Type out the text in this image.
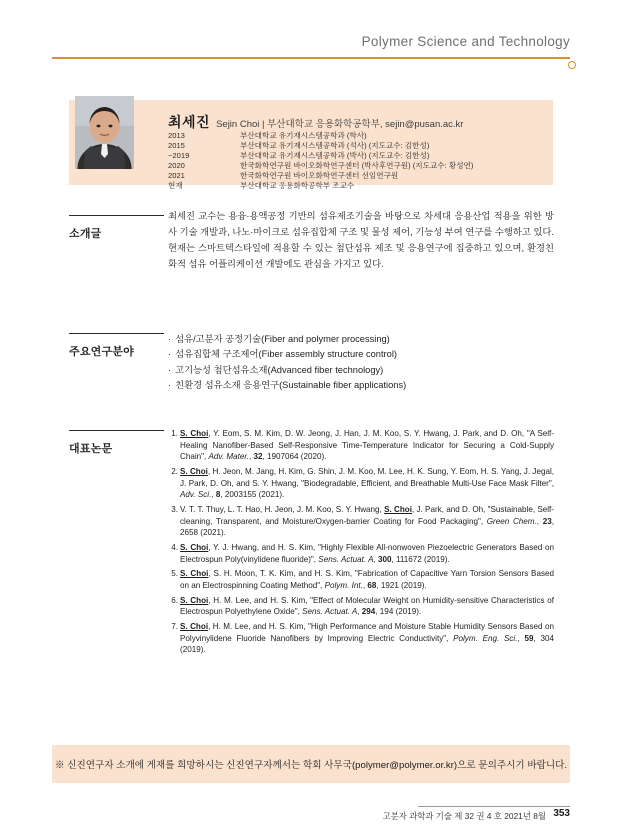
Polymer Science and Technology
최세진 Sejin Choi | 부산대학교 응용화학공학부, sejin@pusan.ac.kr
2013	부산대학교 유기재시스템공학과 (학사)
2015	부산대학교 유기재시스템공학과 (석사) (지도교수: 김한성)
~2019	부산대학교 유기재시스템공학과 (박사) (지도교수: 김한성)
2020	한국화학연구원 바이오화학연구센터 (박사후연구원) (지도교수: 황성연)
2021	한국화학연구원 바이오화학연구센터 선임연구원
현재	부산대학교 응용화학공학부 조교수
소개글
최세진 교수는 용융·용액공정 기반의 섬유제조기술을 바탕으로 차세대 응용산업 적용을 위한 방사 기술 개발과, 나노·마이크로 섬유집합체 구조 및 물성 제어, 기능성 부여 연구를 수행하고 있다. 현재는 스마트텍스타일에 적용할 수 있는 첨단섬유 제조 및 응용연구에 집중하고 있으며, 환경친화적 섬유 어플리케이션 개발에도 관심을 가지고 있다.
주요연구분야
· 섬유/고분자 공정기술(Fiber and polymer processing)
· 섬유집합체 구조제어(Fiber assembly structure control)
· 고기능성 첨단섬유소재(Advanced fiber technology)
· 친환경 섬유소재 응용연구(Sustainable fiber applications)
대표논문
1. S. Choi, Y. Eom, S. M. Kim, D. W. Jeong, J. Han, J. M. Koo, S. Y. Hwang, J. Park, and D. Oh, "A Self-Healing Nanofiber-Based Self-Responsive Time-Temperature Indicator for Securing a Cold-Supply Chain", Adv. Mater., 32, 1907064 (2020).
2. S. Choi, H. Jeon, M. Jang, H. Kim, G. Shin, J. M. Koo, M. Lee, H. K. Sung, Y. Eom, H. S. Yang, J. Jegal, J. Park, D. Oh, and S. Y. Hwang, "Biodegradable, Efficient, and Breathable Multi-Use Face Mask Filter", Adv. Sci., 8, 2003155 (2021).
3. V. T. T. Thuy, L. T. Hao, H. Jeon, J. M. Koo, S. Y. Hwang, S. Choi, J. Park, and D. Oh, "Sustainable, Self-cleaning, Transparent, and Moisture/Oxygen-barrier Coating for Food Packaging", Green Chem., 23, 2658 (2021).
4. S. Choi, Y. J. Hwang, and H. S. Kim, "Highly Flexible All-nonwoven Piezoelectric Generators Based on Electrospun Poly(vinylidene fluoride)", Sens. Actuat. A, 300, 111672 (2019).
5. S. Choi, S. H. Moon, T. K. Kim, and H. S. Kim, "Fabrication of Capacitive Yarn Torsion Sensors Based on an Electrospinning Coating Method", Polym. Int., 68, 1921 (2019).
6. S. Choi, H. M. Lee, and H. S. Kim, "Effect of Molecular Weight on Humidity-sensitive Characteristics of Electrospun Polyethylene Oxide", Sens. Actuat. A, 294, 194 (2019).
7. S. Choi, H. M. Lee, and H. S. Kim, "High Performance and Moisture Stable Humidity Sensors Based on Polyvinylidene Fluoride Nanofibers by Improving Electric Conductivity", Polym. Eng. Sci., 59, 304 (2019).
※ 신진연구자 소개에 게재를 희망하시는 신진연구자께서는 학회 사무국(polymer@polymer.or.kr)으로 문의주시기 바랍니다.
고분자 과학과 기술 제 32 권 4 호 2021년 8월 353
